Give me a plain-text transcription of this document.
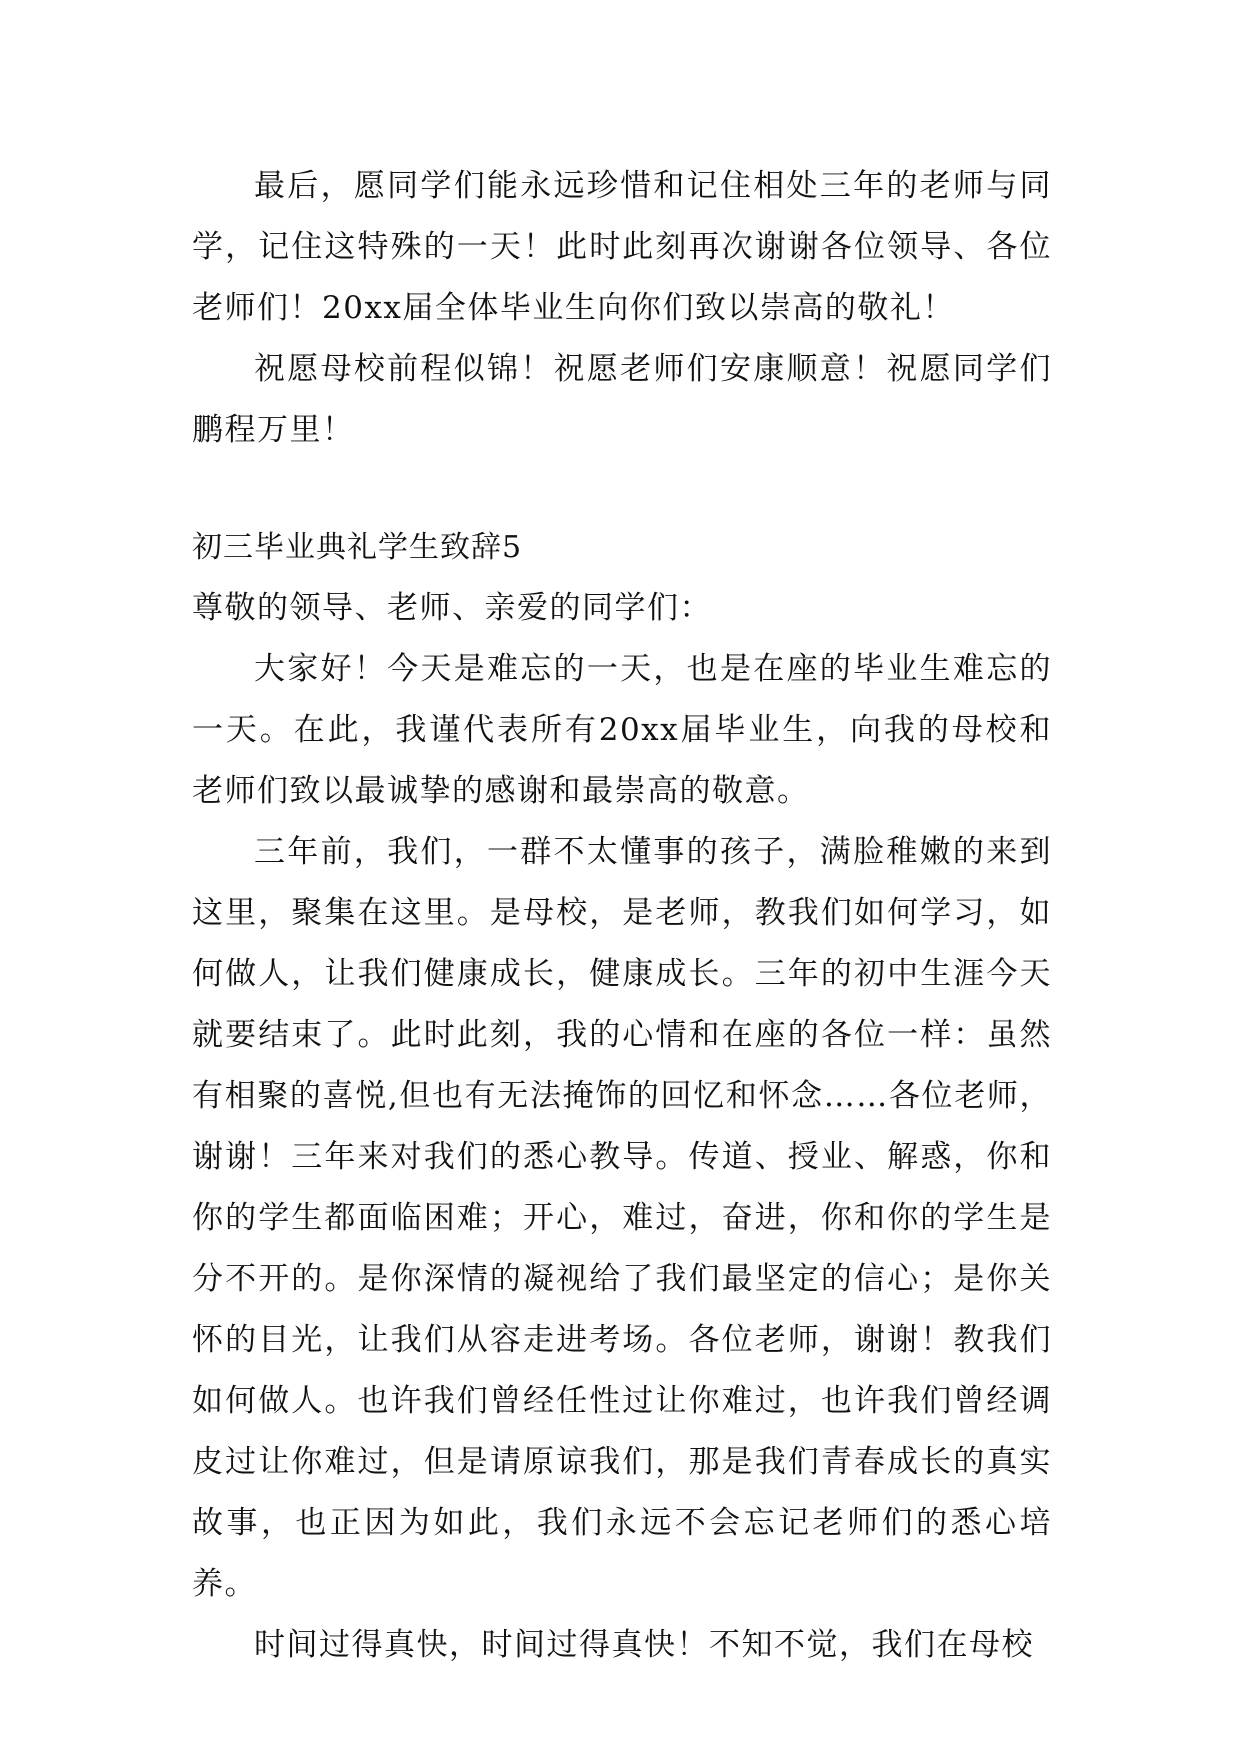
最后，愿同学们能永远珍惜和记住相处三年的老师与同学，记住这特殊的一天！此时此刻再次谢谢各位领导、各位老师们！20xx届全体毕业生向你们致以崇高的敬礼！

祝愿母校前程似锦！祝愿老师们安康顺意！祝愿同学们鹏程万里！

初三毕业典礼学生致辞5

尊敬的领导、老师、亲爱的同学们：

大家好！今天是难忘的一天，也是在座的毕业生难忘的一天。在此，我谨代表所有20xx届毕业生，向我的母校和老师们致以最诚挚的感谢和最崇高的敬意。

三年前，我们，一群不太懂事的孩子，满脸稚嫩的来到这里，聚集在这里。是母校，是老师，教我们如何学习，如何做人，让我们健康成长，健康成长。三年的初中生涯今天就要结束了。此时此刻，我的心情和在座的各位一样：虽然有相聚的喜悦,但也有无法掩饰的回忆和怀念……各位老师，谢谢！三年来对我们的悉心教导。传道、授业、解惑，你和你的学生都面临困难；开心，难过，奋进，你和你的学生是分不开的。是你深情的凝视给了我们最坚定的信心；是你关怀的目光，让我们从容走进考场。各位老师，谢谢！教我们如何做人。也许我们曾经任性过让你难过，也许我们曾经调皮过让你难过，但是请原谅我们，那是我们青春成长的真实故事，也正因为如此，我们永远不会忘记老师们的悉心培养。

时间过得真快，时间过得真快！不知不觉，我们在母校
